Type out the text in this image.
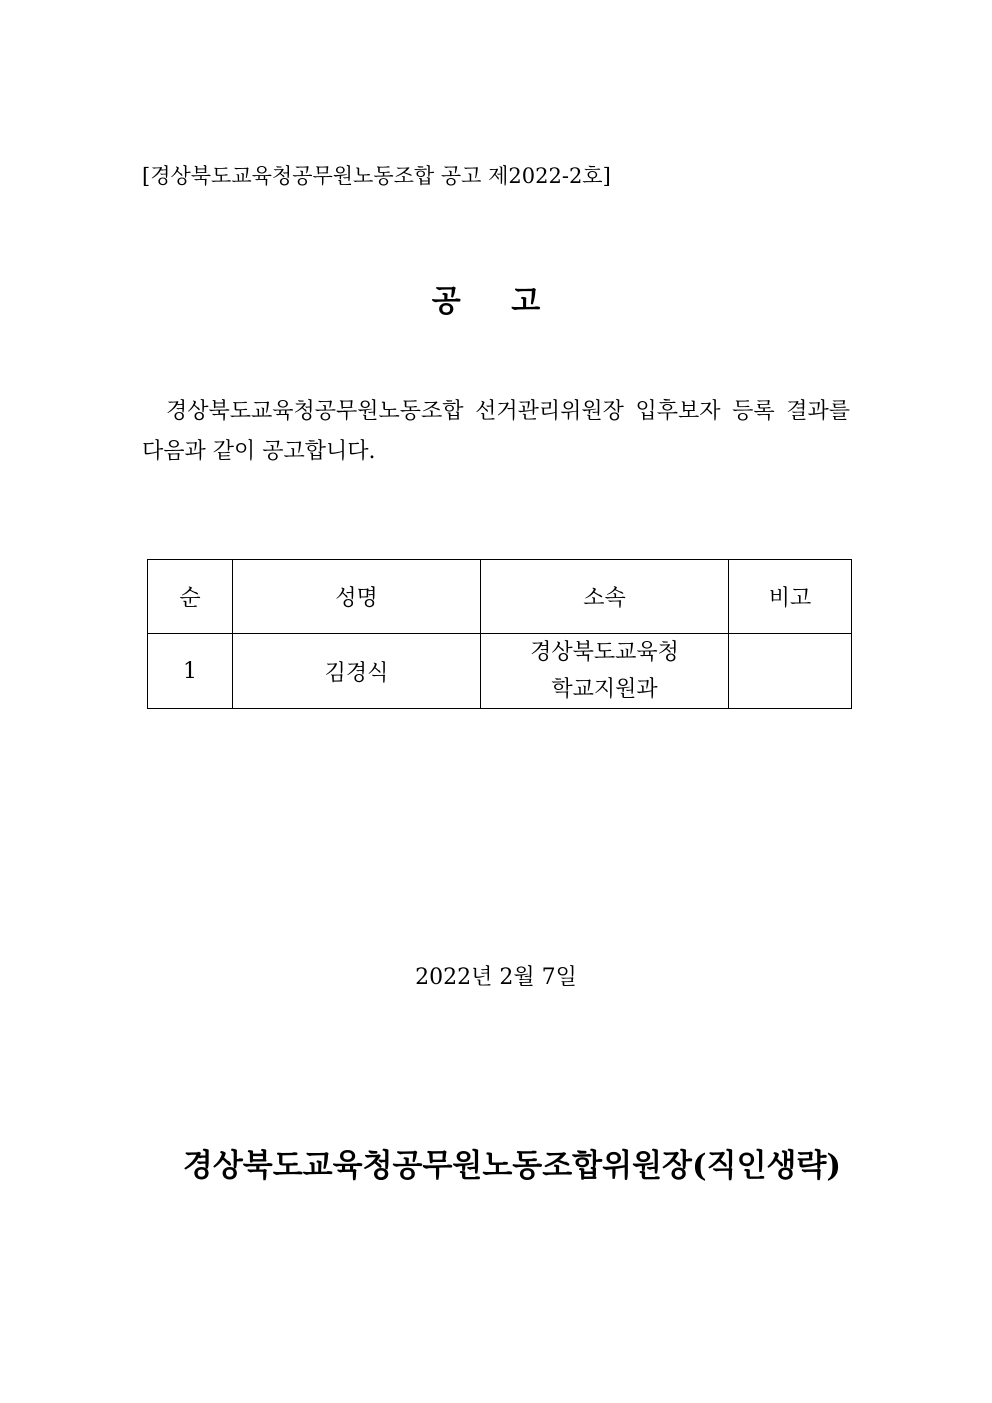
[경상북도교육청공무원노동조합 공고 제2022-2호]
공 고
경상북도교육청공무원노동조합 선거관리위원장 입후보자 등록 결과를 다음과 같이 공고합니다.
순	성명	소속	비고
1	김경식	경상북도교육청
학교지원과	

2022년 2월 7일
경상북도교육청공무원노동조합위원장(직인생략)
